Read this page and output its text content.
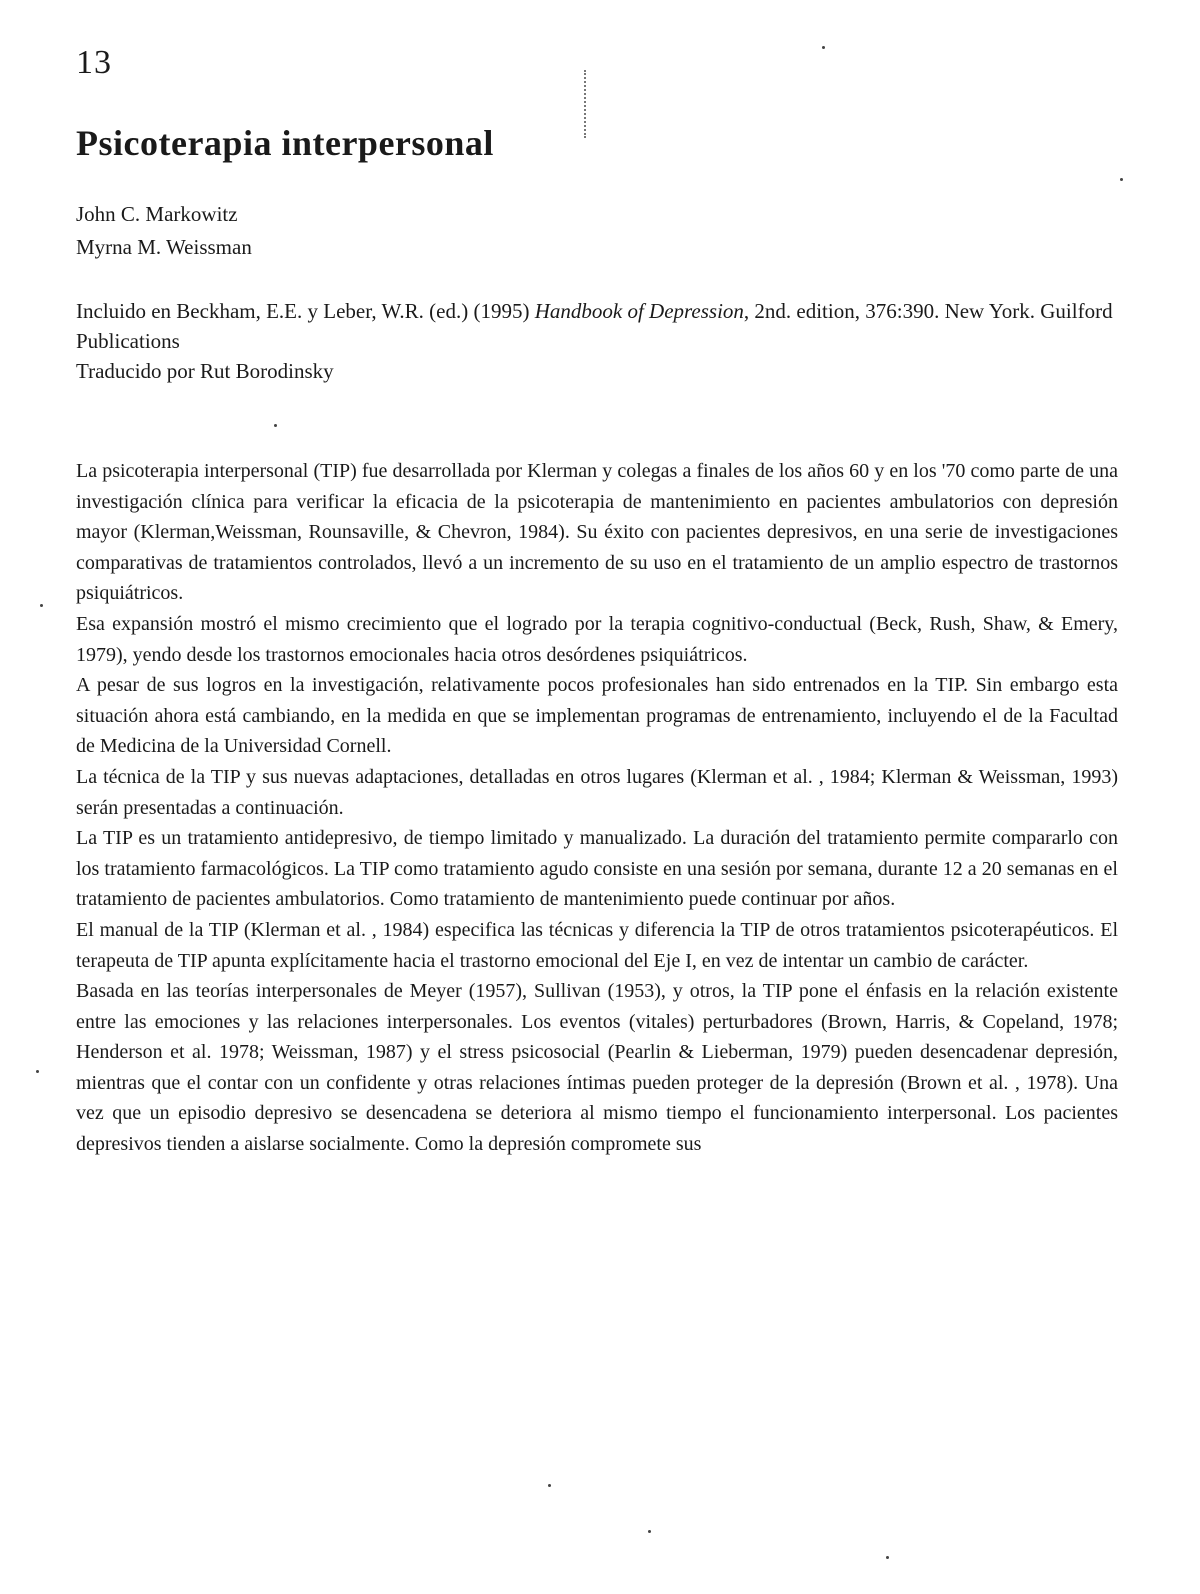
13
Psicoterapia interpersonal
John C. Markowitz
Myrna M. Weissman
Incluido en Beckham, E.E. y Leber, W.R. (ed.) (1995) Handbook of Depression, 2nd. edition, 376:390. New York. Guilford Publications
Traducido por Rut Borodinsky

La psicoterapia interpersonal (TIP) fue desarrollada por Klerman y colegas a finales de los años 60 y en los '70 como parte de una investigación clínica para verificar la eficacia de la psicoterapia de mantenimiento en pacientes ambulatorios con depresión mayor (Klerman,Weissman, Rounsaville, & Chevron, 1984). Su éxito con pacientes depresivos, en una serie de investigaciones comparativas de tratamientos controlados, llevó a un incremento de su uso en el tratamiento de un amplio espectro de trastornos psiquiátricos.

Esa expansión mostró el mismo crecimiento que el logrado por la terapia cognitivo-conductual (Beck, Rush, Shaw, & Emery, 1979), yendo desde los trastornos emocionales hacia otros desórdenes psiquiátricos.

A pesar de sus logros en la investigación, relativamente pocos profesionales han sido entrenados en la TIP. Sin embargo esta situación ahora está cambiando, en la medida en que se implementan programas de entrenamiento, incluyendo el de la Facultad de Medicina de la Universidad Cornell.

La técnica de la TIP y sus nuevas adaptaciones, detalladas en otros lugares (Klerman et al. , 1984; Klerman & Weissman, 1993) serán presentadas a continuación.

La TIP es un tratamiento antidepresivo, de tiempo limitado y manualizado. La duración del tratamiento permite compararlo con los tratamiento farmacológicos. La TIP como tratamiento agudo consiste en una sesión por semana, durante 12 a 20 semanas en el tratamiento de pacientes ambulatorios. Como tratamiento de mantenimiento puede continuar por años.

El manual de la TIP (Klerman et al. , 1984) especifica las técnicas y diferencia la TIP de otros tratamientos psicoterapéuticos. El terapeuta de TIP apunta explícitamente hacia el trastorno emocional del Eje I, en vez de intentar un cambio de carácter.

Basada en las teorías interpersonales de Meyer (1957), Sullivan (1953), y otros, la TIP pone el énfasis en la relación existente entre las emociones y las relaciones interpersonales. Los eventos (vitales) perturbadores (Brown, Harris, & Copeland, 1978; Henderson et al. 1978; Weissman, 1987) y el stress psicosocial (Pearlin & Lieberman, 1979) pueden desencadenar depresión, mientras que el contar con un confidente y otras relaciones íntimas pueden proteger de la depresión (Brown et al. , 1978). Una vez que un episodio depresivo se desencadena se deteriora al mismo tiempo el funcionamiento interpersonal. Los pacientes depresivos tienden a aislarse socialmente. Como la depresión compromete sus
